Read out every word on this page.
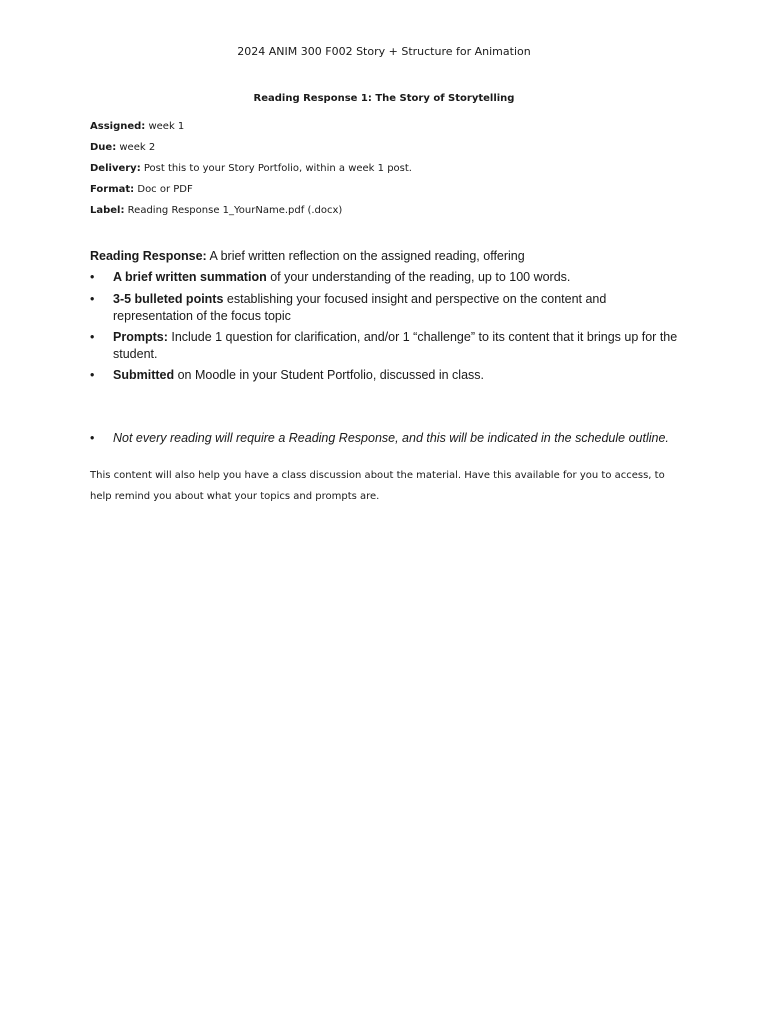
2024 ANIM 300 F002 Story + Structure for Animation
Reading Response 1: The Story of Storytelling
Assigned: week 1
Due: week 2
Delivery: Post this to your Story Portfolio, within a week 1 post.
Format: Doc or PDF
Label: Reading Response 1_YourName.pdf (.docx)
Reading Response: A brief written reflection on the assigned reading, offering
• A brief written summation of your understanding of the reading, up to 100 words.
• 3-5 bulleted points establishing your focused insight and perspective on the content and representation of the focus topic
• Prompts: Include 1 question for clarification, and/or 1 “challenge” to its content that it brings up for the student.
• Submitted on Moodle in your Student Portfolio, discussed in class.
• Not every reading will require a Reading Response, and this will be indicated in the schedule outline.
This content will also help you have a class discussion about the material. Have this available for you to access, to help remind you about what your topics and prompts are.
